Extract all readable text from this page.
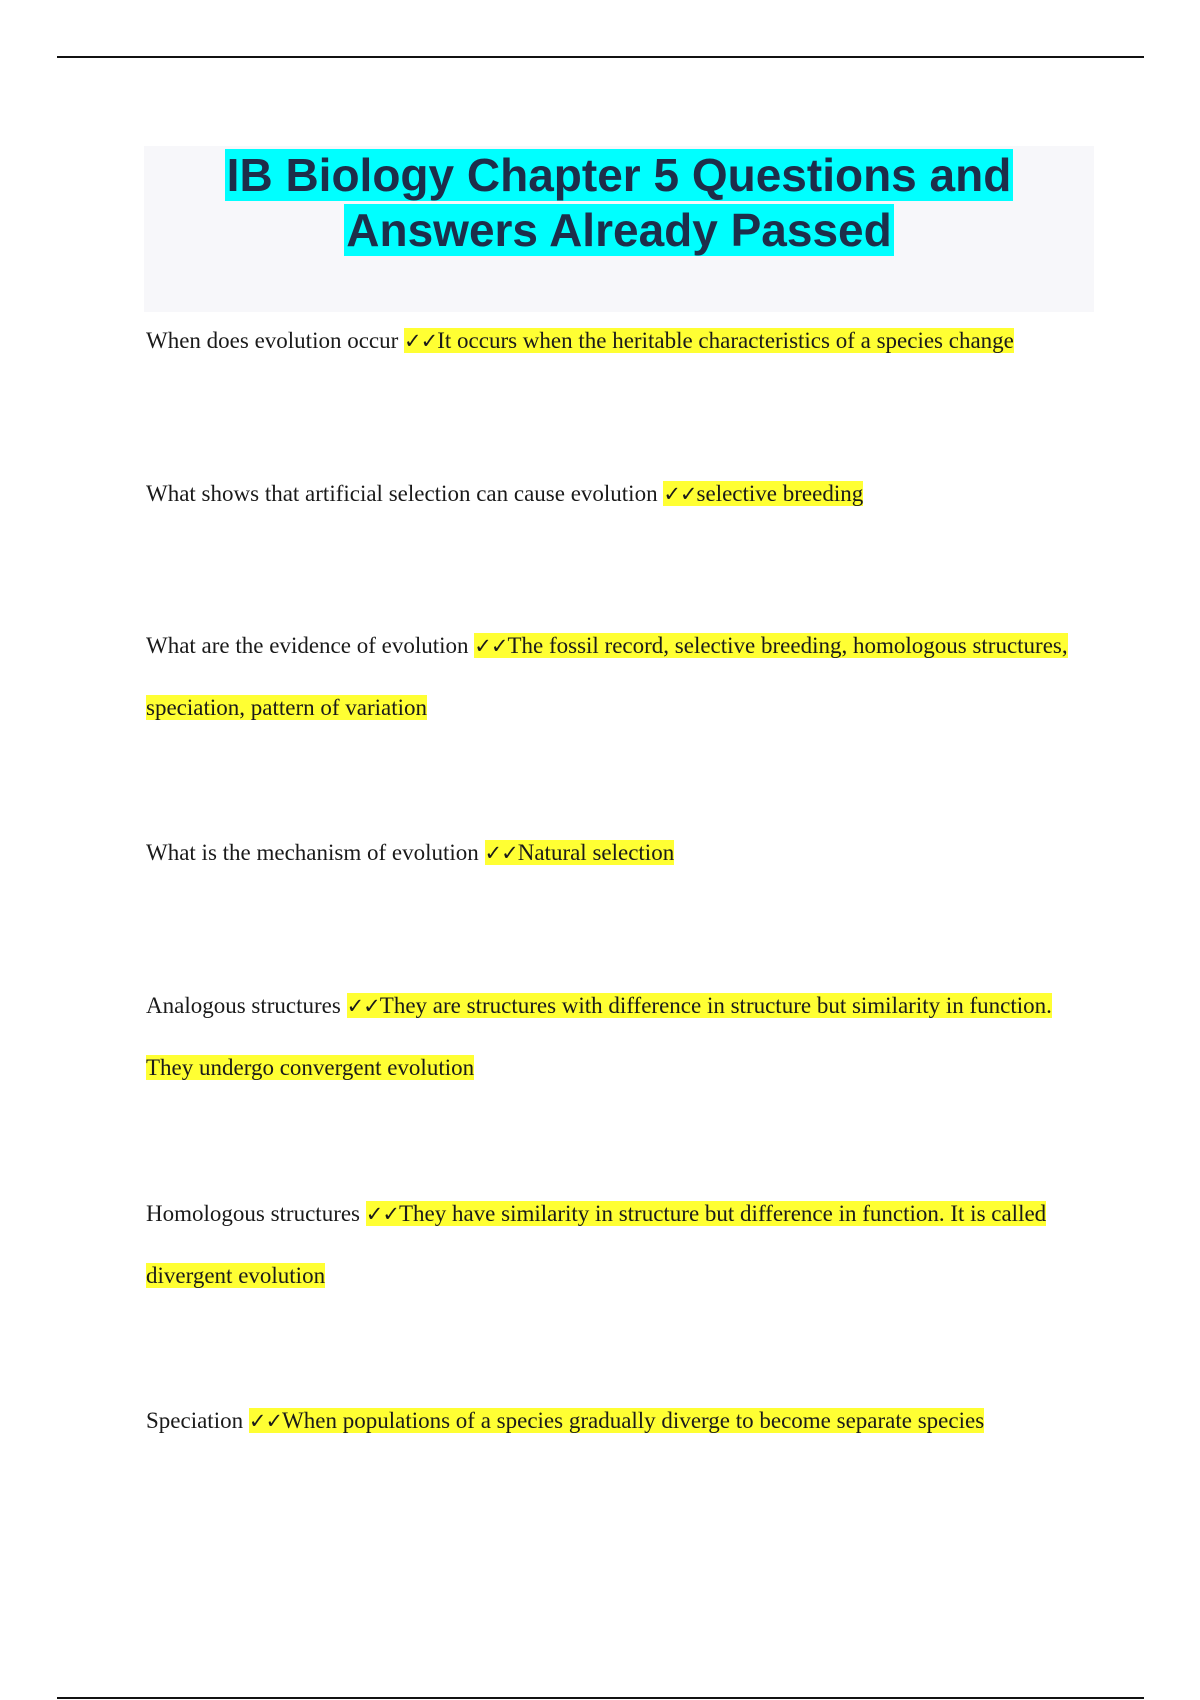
IB Biology Chapter 5 Questions and
Answers Already Passed
When does evolution occur ✓✓It occurs when the heritable characteristics of a species change
What shows that artificial selection can cause evolution ✓✓selective breeding
What are the evidence of evolution ✓✓The fossil record, selective breeding, homologous structures, speciation, pattern of variation
What is the mechanism of evolution ✓✓Natural selection
Analogous structures ✓✓They are structures with difference in structure but similarity in function. They undergo convergent evolution
Homologous structures ✓✓They have similarity in structure but difference in function. It is called divergent evolution
Speciation ✓✓When populations of a species gradually diverge to become separate species
